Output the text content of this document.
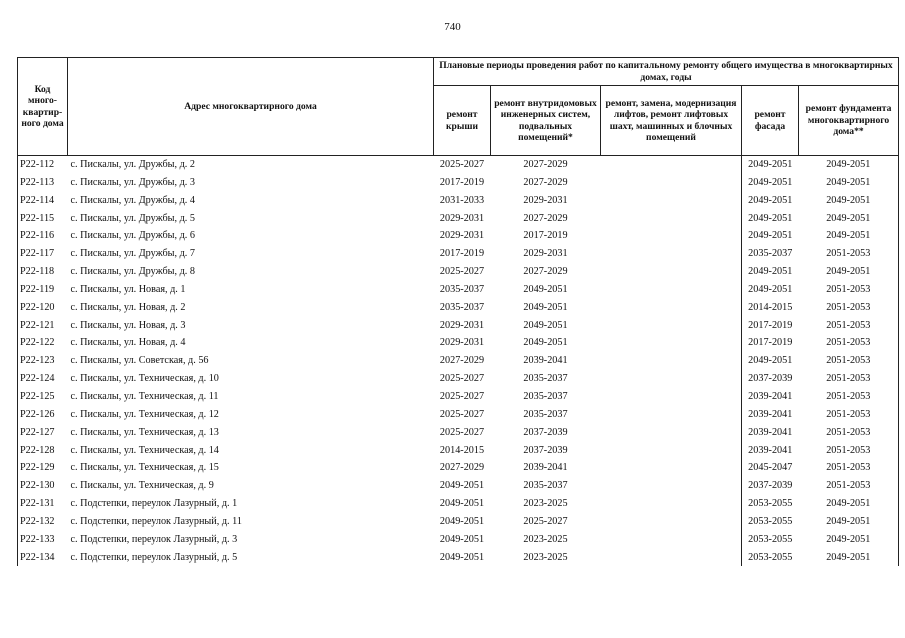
740
Код много-квартир-ного дома	Адрес многоквартирного дома	Плановые периоды проведения работ по капитальному ремонту общего имущества в многоквартирных домах, годы				
		ремонт крыши	ремонт внутридомовых инженерных систем, подвальных помещений*	ремонт, замена, модернизация лифтов, ремонт лифтовых шахт, машинных и блочных помещений	ремонт фасада	ремонт фундамента многоквартирного дома**
P22-112	с. Пискалы, ул. Дружбы, д. 2	2025-2027	2027-2029		2049-2051	2049-2051
P22-113	с. Пискалы, ул. Дружбы, д. 3	2017-2019	2027-2029		2049-2051	2049-2051
P22-114	с. Пискалы, ул. Дружбы, д. 4	2031-2033	2029-2031		2049-2051	2049-2051
P22-115	с. Пискалы, ул. Дружбы, д. 5	2029-2031	2027-2029		2049-2051	2049-2051
P22-116	с. Пискалы, ул. Дружбы, д. 6	2029-2031	2017-2019		2049-2051	2049-2051
P22-117	с. Пискалы, ул. Дружбы, д. 7	2017-2019	2029-2031		2035-2037	2051-2053
P22-118	с. Пискалы, ул. Дружбы, д. 8	2025-2027	2027-2029		2049-2051	2049-2051
P22-119	с. Пискалы, ул. Новая, д. 1	2035-2037	2049-2051		2049-2051	2051-2053
P22-120	с. Пискалы, ул. Новая, д. 2	2035-2037	2049-2051		2014-2015	2051-2053
P22-121	с. Пискалы, ул. Новая, д. 3	2029-2031	2049-2051		2017-2019	2051-2053
P22-122	с. Пискалы, ул. Новая, д. 4	2029-2031	2049-2051		2017-2019	2051-2053
P22-123	с. Пискалы, ул. Советская, д. 56	2027-2029	2039-2041		2049-2051	2051-2053
P22-124	с. Пискалы, ул. Техническая, д. 10	2025-2027	2035-2037		2037-2039	2051-2053
P22-125	с. Пискалы, ул. Техническая, д. 11	2025-2027	2035-2037		2039-2041	2051-2053
P22-126	с. Пискалы, ул. Техническая, д. 12	2025-2027	2035-2037		2039-2041	2051-2053
P22-127	с. Пискалы, ул. Техническая, д. 13	2025-2027	2037-2039		2039-2041	2051-2053
P22-128	с. Пискалы, ул. Техническая, д. 14	2014-2015	2037-2039		2039-2041	2051-2053
P22-129	с. Пискалы, ул. Техническая, д. 15	2027-2029	2039-2041		2045-2047	2051-2053
P22-130	с. Пискалы, ул. Техническая, д. 9	2049-2051	2035-2037		2037-2039	2051-2053
P22-131	с. Подстепки, переулок Лазурный, д. 1	2049-2051	2023-2025		2053-2055	2049-2051
P22-132	с. Подстепки, переулок Лазурный, д. 11	2049-2051	2025-2027		2053-2055	2049-2051
P22-133	с. Подстепки, переулок Лазурный, д. 3	2049-2051	2023-2025		2053-2055	2049-2051
P22-134	с. Подстепки, переулок Лазурный, д. 5	2049-2051	2023-2025		2053-2055	2049-2051
